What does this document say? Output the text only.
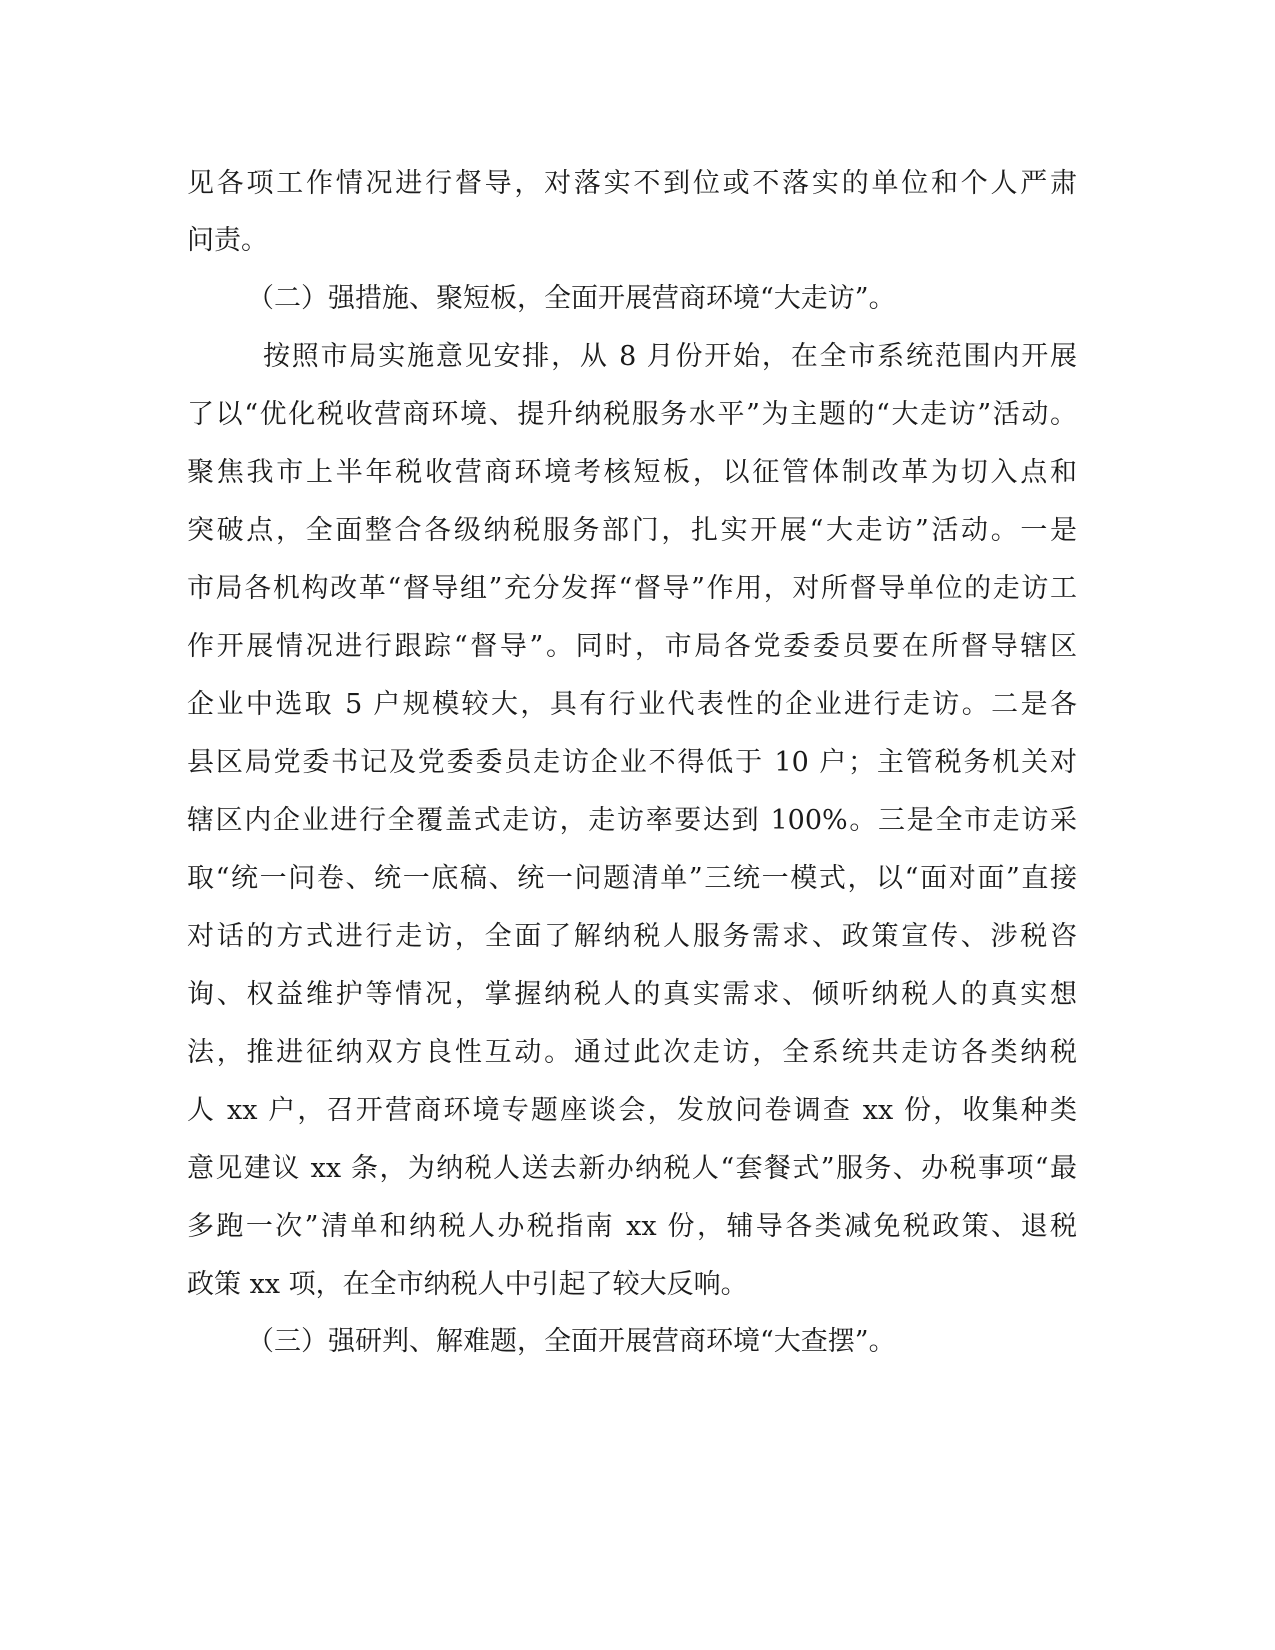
见各项工作情况进行督导，对落实不到位或不落实的单位和个人严肃
问责。
（二）强措施、聚短板，全面开展营商环境“大走访”。
按照市局实施意见安排，从 8 月份开始，在全市系统范围内开展
了以“优化税收营商环境、提升纳税服务水平”为主题的“大走访”活动。
聚焦我市上半年税收营商环境考核短板，以征管体制改革为切入点和
突破点，全面整合各级纳税服务部门，扎实开展“大走访”活动。一是
市局各机构改革“督导组”充分发挥“督导”作用，对所督导单位的走访工
作开展情况进行跟踪“督导”。同时，市局各党委委员要在所督导辖区
企业中选取 5 户规模较大，具有行业代表性的企业进行走访。二是各
县区局党委书记及党委委员走访企业不得低于 10 户；主管税务机关对
辖区内企业进行全覆盖式走访，走访率要达到 100%。三是全市走访采
取“统一问卷、统一底稿、统一问题清单”三统一模式，以“面对面”直接
对话的方式进行走访，全面了解纳税人服务需求、政策宣传、涉税咨
询、权益维护等情况，掌握纳税人的真实需求、倾听纳税人的真实想
法，推进征纳双方良性互动。通过此次走访，全系统共走访各类纳税
人 xx 户，召开营商环境专题座谈会，发放问卷调查 xx 份，收集种类
意见建议 xx 条，为纳税人送去新办纳税人“套餐式”服务、办税事项“最
多跑一次”清单和纳税人办税指南 xx 份，辅导各类减免税政策、退税
政策 xx 项，在全市纳税人中引起了较大反响。
（三）强研判、解难题，全面开展营商环境“大查摆”。
